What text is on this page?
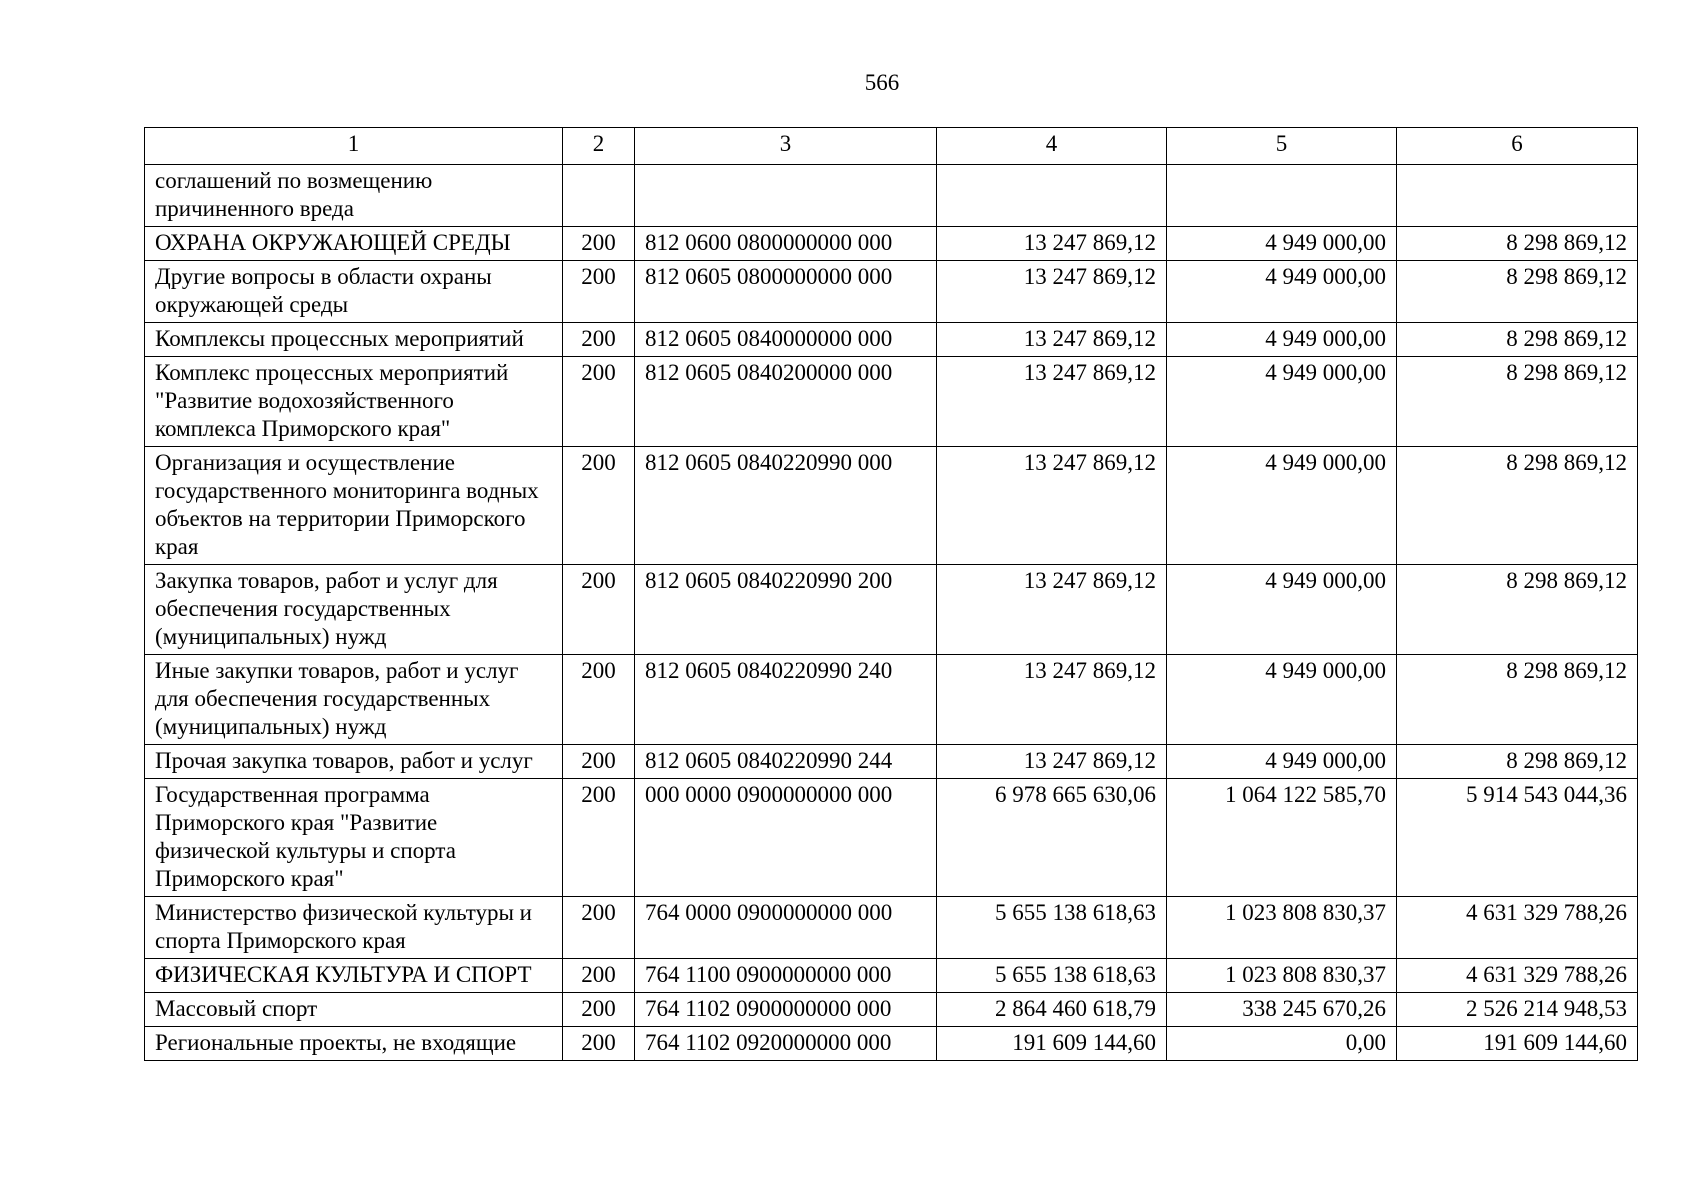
566
1	2	3	4	5	6
соглашений по возмещению причиненного вреда					
ОХРАНА ОКРУЖАЮЩЕЙ СРЕДЫ	200	812 0600 0800000000 000	13 247 869,12	4 949 000,00	8 298 869,12
Другие вопросы в области охраны окружающей среды	200	812 0605 0800000000 000	13 247 869,12	4 949 000,00	8 298 869,12
Комплексы процессных мероприятий	200	812 0605 0840000000 000	13 247 869,12	4 949 000,00	8 298 869,12
Комплекс процессных мероприятий "Развитие водохозяйственного комплекса Приморского края"	200	812 0605 0840200000 000	13 247 869,12	4 949 000,00	8 298 869,12
Организация и осуществление государственного мониторинга водных объектов на территории Приморского края	200	812 0605 0840220990 000	13 247 869,12	4 949 000,00	8 298 869,12
Закупка товаров, работ и услуг для обеспечения государственных (муниципальных) нужд	200	812 0605 0840220990 200	13 247 869,12	4 949 000,00	8 298 869,12
Иные закупки товаров, работ и услуг для обеспечения государственных (муниципальных) нужд	200	812 0605 0840220990 240	13 247 869,12	4 949 000,00	8 298 869,12
Прочая закупка товаров, работ и услуг	200	812 0605 0840220990 244	13 247 869,12	4 949 000,00	8 298 869,12
Государственная программа Приморского края "Развитие физической культуры и спорта Приморского края"	200	000 0000 0900000000 000	6 978 665 630,06	1 064 122 585,70	5 914 543 044,36
Министерство физической культуры и спорта Приморского края	200	764 0000 0900000000 000	5 655 138 618,63	1 023 808 830,37	4 631 329 788,26
ФИЗИЧЕСКАЯ КУЛЬТУРА И СПОРТ	200	764 1100 0900000000 000	5 655 138 618,63	1 023 808 830,37	4 631 329 788,26
Массовый спорт	200	764 1102 0900000000 000	2 864 460 618,79	338 245 670,26	2 526 214 948,53
Региональные проекты, не входящие	200	764 1102 0920000000 000	191 609 144,60	0,00	191 609 144,60
